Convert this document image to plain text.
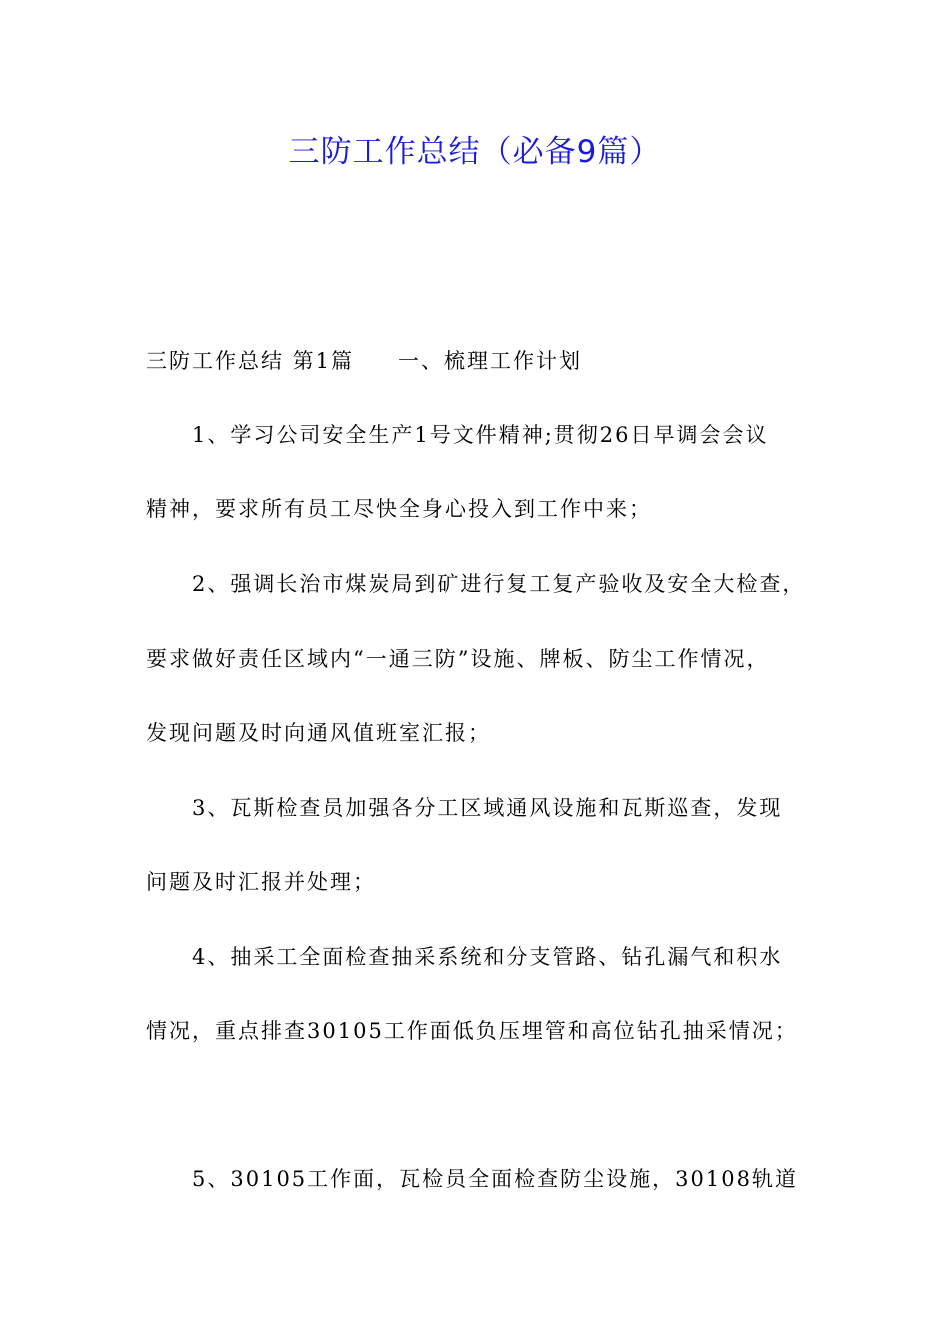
三防工作总结（必备9篇）
三防工作总结 第1篇 一、梳理工作计划
1、学习公司安全生产1号文件精神;贯彻26日早调会会议
精神，要求所有员工尽快全身心投入到工作中来；
2、强调长治市煤炭局到矿进行复工复产验收及安全大检查，
要求做好责任区域内“一通三防”设施、牌板、防尘工作情况，
发现问题及时向通风值班室汇报；
3、瓦斯检查员加强各分工区域通风设施和瓦斯巡查，发现
问题及时汇报并处理；
4、抽采工全面检查抽采系统和分支管路、钻孔漏气和积水
情况，重点排查30105工作面低负压埋管和高位钻孔抽采情况；
5、30105工作面，瓦检员全面检查防尘设施，30108轨道
